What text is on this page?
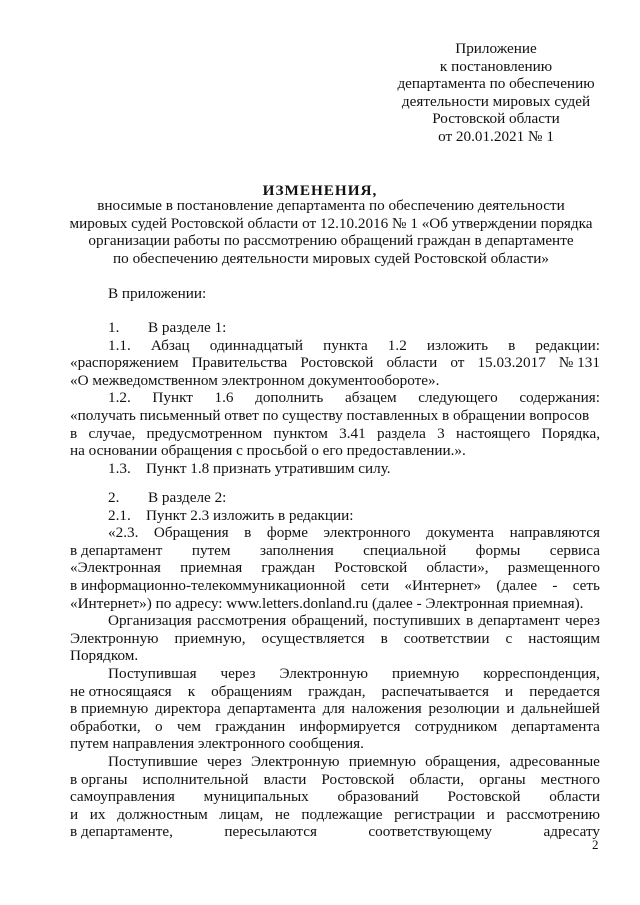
Приложение
к постановлению
департамента по обеспечению
деятельности мировых судей
Ростовской области
от 20.01.2021 № 1
ИЗМЕНЕНИЯ,
вносимые в постановление департамента по обеспечению деятельности
мировых судей Ростовской области от 12.10.2016 № 1 «Об утверждении порядка
организации работы по рассмотрению обращений граждан в департаменте
по обеспечению деятельности мировых судей Ростовской области»
В приложении:
1. В разделе 1:
1.1. Абзац одиннадцатый пункта 1.2 изложить в редакции:
«распоряжением Правительства Ростовской области от 15.03.2017 № 131
«О межведомственном электронном документообороте».
1.2. Пункт 1.6 дополнить абзацем следующего содержания:
«получать письменный ответ по существу поставленных в обращении вопросов
в случае, предусмотренном пунктом 3.41 раздела 3 настоящего Порядка,
на основании обращения с просьбой о его предоставлении.».
1.3.    Пункт 1.8 признать утратившим силу.
2. В разделе 2:
2.1.    Пункт 2.3 изложить в редакции:
«2.3. Обращения в форме электронного документа направляются
в департамент путем заполнения специальной формы сервиса
«Электронная приемная граждан Ростовской области», размещенного
в информационно-телекоммуникационной сети «Интернет» (далее - сеть
«Интернет») по адресу: www.letters.donland.ru (далее - Электронная приемная).
Организация рассмотрения обращений, поступивших в департамент через
Электронную приемную, осуществляется в соответствии с настоящим
Порядком.
Поступившая через Электронную приемную корреспонденция,
не относящаяся к обращениям граждан, распечатывается и передается
в приемную директора департамента для наложения резолюции и дальнейшей
обработки, о чем гражданин информируется сотрудником департамента
путем направления электронного сообщения.
Поступившие через Электронную приемную обращения, адресованные
в органы исполнительной власти Ростовской области, органы местного
самоуправления муниципальных образований Ростовской области
и их должностным лицам, не подлежащие регистрации и рассмотрению
в департаменте,	пересылаются	соответствующему	адресату
2
